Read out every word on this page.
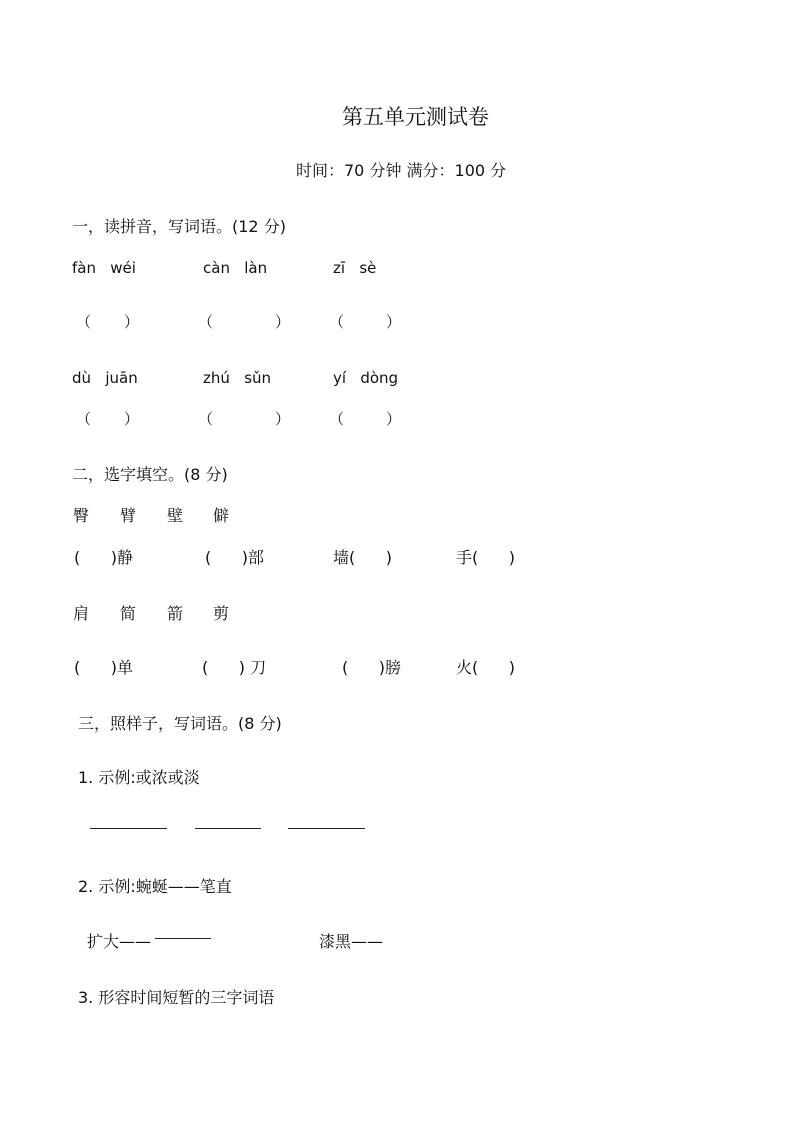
第五单元测试卷
时间：70 分钟 满分：100 分
一，读拼音，写词语。(12 分)
fàn   wéi	càn   làn	zī   sè
（ ）	（	）	（	）
dù   juān	zhú   sǔn	yí   dòng
（ ）	（	）	（	）
二，选字填空。(8 分)
臀 臂 壁 僻
(      )静	(      )部	墙(      )	手(      )
肩 简 箭 剪
(      )单	(      ) 刀	(      )膀	火(      )
三，照样子，写词语。(8 分)
1. 示例:或浓或淡
2. 示例:蜿蜒——笔直
扩大——	漆黑——
3. 形容时间短暂的三字词语
